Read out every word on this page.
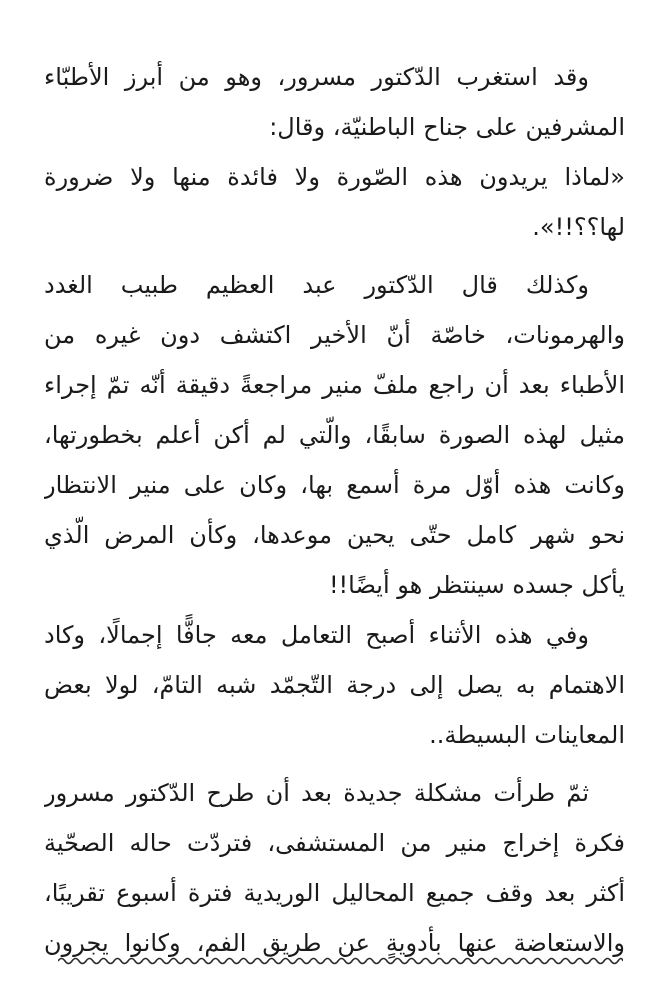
وقد استغرب الدّكتور مسرور، وهو من أبرز الأطبّاء
المشرفين على جناح الباطنيّة، وقال:
«لماذا يريدون هذه الصّورة ولا فائدة منها ولا ضرورة
لها؟؟!!».
وكذلك قال الدّكتور عبد العظيم طبيب الغدد
والهرمونات، خاصّة أنّ الأخير اكتشف دون غيره من
الأطباء بعد أن راجع ملفّ منير مراجعةً دقيقة أنّه تمّ إجراء
مثيل لهذه الصورة سابقًا، والّتي لم أكن أعلم بخطورتها،
وكانت هذه أوّل مرة أسمع بها، وكان على منير الانتظار
نحو شهر كامل حتّى يحين موعدها، وكأن المرض الّذي
يأكل جسده سينتظر هو أيضًا!!
وفي هذه الأثناء أصبح التعامل معه جافًّا إجمالًا، وكاد
الاهتمام به يصل إلى درجة التّجمّد شبه التامّ، لولا بعض
المعاينات البسيطة..
ثمّ طرأت مشكلة جديدة بعد أن طرح الدّكتور مسرور
فكرة إخراج منير من المستشفى، فتردّت حاله الصحّية
أكثر بعد وقف جميع المحاليل الوريدية فترة أسبوع تقريبًا،
والاستعاضة عنها بأدويةٍ عن طريق الفم، وكانوا يجرون
